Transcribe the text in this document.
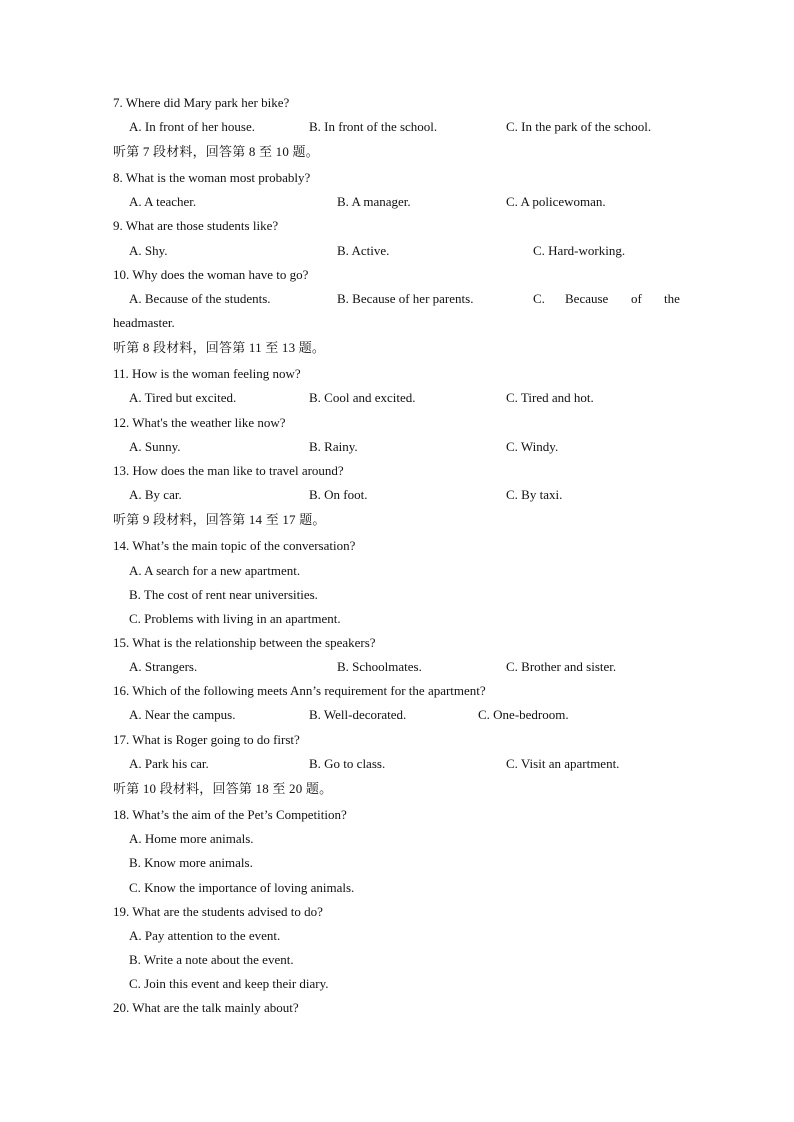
7. Where did Mary park her bike?
A. In front of her house.	B. In front of the school.	C. In the park of the school.
听第 7 段材料，回答第 8 至 10 题。
8. What is the woman most probably?
A. A teacher.	B. A manager.	C. A policewoman.
9. What are those students like?
A. Shy.	B. Active.	C. Hard-working.
10. Why does the woman have to go?
A. Because of the students.	B. Because of her parents.	C. Because of the
headmaster.
听第 8 段材料，回答第 11 至 13 题。
11. How is the woman feeling now?
A. Tired but excited.	B. Cool and excited.	C. Tired and hot.
12. What's the weather like now?
A. Sunny.	B. Rainy.	C. Windy.
13. How does the man like to travel around?
A. By car.	B. On foot.	C. By taxi.
听第 9 段材料，回答第 14 至 17 题。
14. What’s the main topic of the conversation?
A. A search for a new apartment.
B. The cost of rent near universities.
C. Problems with living in an apartment.
15. What is the relationship between the speakers?
A. Strangers.	B. Schoolmates.	C. Brother and sister.
16. Which of the following meets Ann’s requirement for the apartment?
A. Near the campus.	B. Well-decorated.	C. One-bedroom.
17. What is Roger going to do first?
A. Park his car.	B. Go to class.	C. Visit an apartment.
听第 10 段材料，回答第 18 至 20 题。
18. What’s the aim of the Pet’s Competition?
A. Home more animals.
B. Know more animals.
C. Know the importance of loving animals.
19. What are the students advised to do?
A. Pay attention to the event.
B. Write a note about the event.
C. Join this event and keep their diary.
20. What are the talk mainly about?
